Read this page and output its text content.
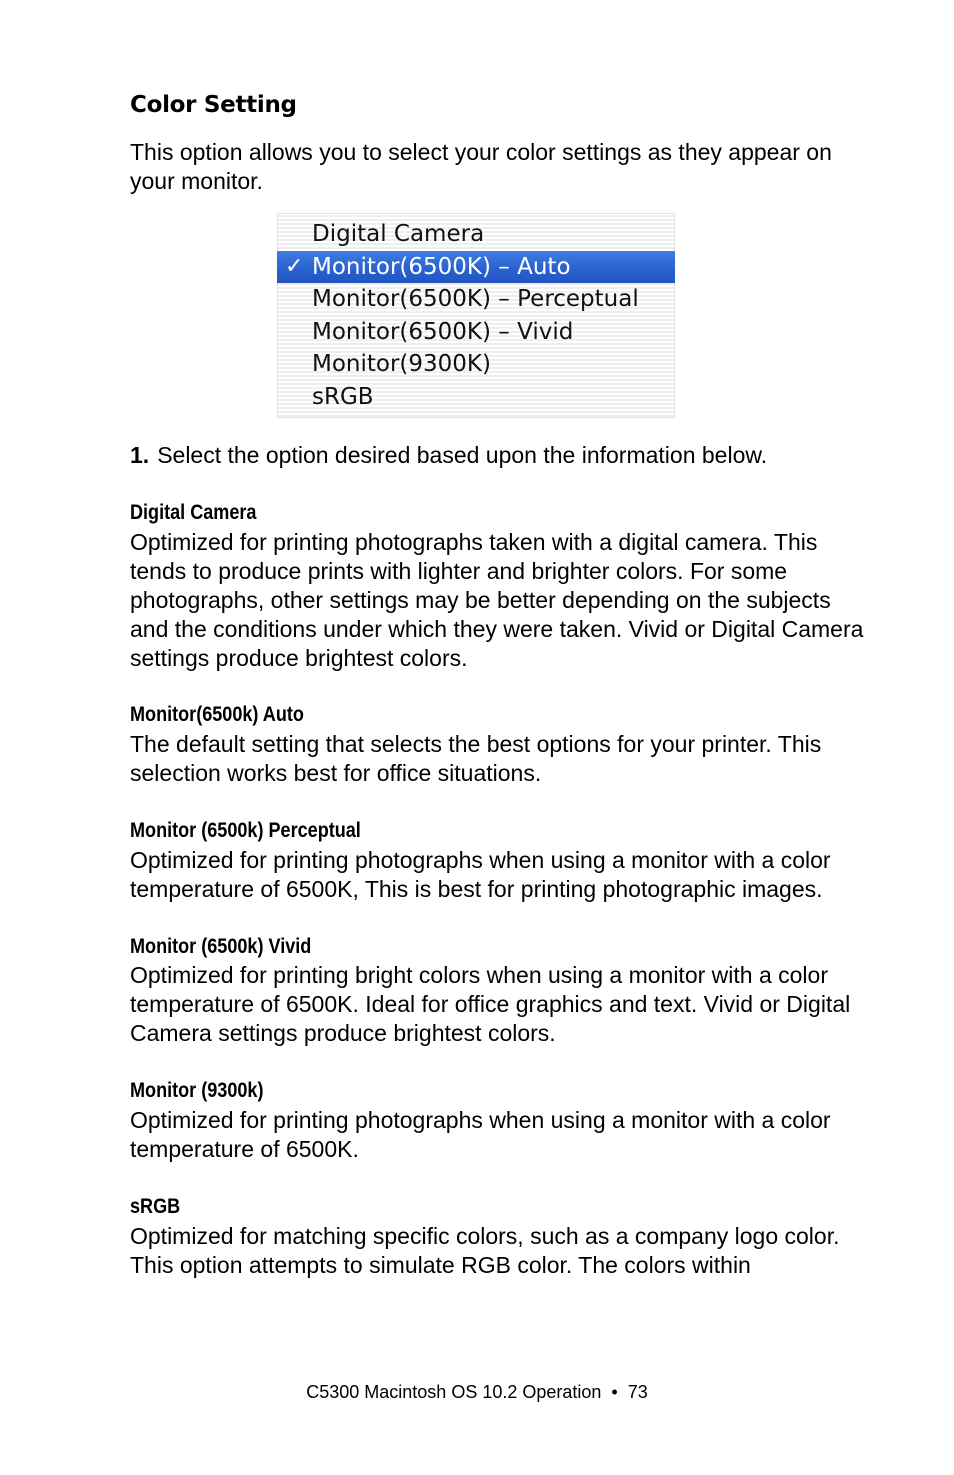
Color Setting

This option allows you to select your color settings as they appear on your monitor.

Digital Camera
✓ Monitor(6500K) – Auto
Monitor(6500K) – Perceptual
Monitor(6500K) – Vivid
Monitor(9300K)
sRGB
1. Select the option desired based upon the information below.
Digital Camera

Optimized for printing photographs taken with a digital camera. This tends to produce prints with lighter and brighter colors. For some photographs, other settings may be better depending on the subjects and the conditions under which they were taken. Vivid or Digital Camera settings produce brightest colors.

Monitor(6500k) Auto

The default setting that selects the best options for your printer. This selection works best for office situations.

Monitor (6500k) Perceptual

Optimized for printing photographs when using a monitor with a color temperature of 6500K, This is best for printing photographic images.

Monitor (6500k) Vivid

Optimized for printing bright colors when using a monitor with a color temperature of 6500K. Ideal for office graphics and text. Vivid or Digital Camera settings produce brightest colors.

Monitor (9300k)

Optimized for printing photographs when using a monitor with a color temperature of 6500K.

sRGB

Optimized for matching specific colors, such as a company logo color. This option attempts to simulate RGB color. The colors within

C5300 Macintosh OS 10.2 Operation • 73
